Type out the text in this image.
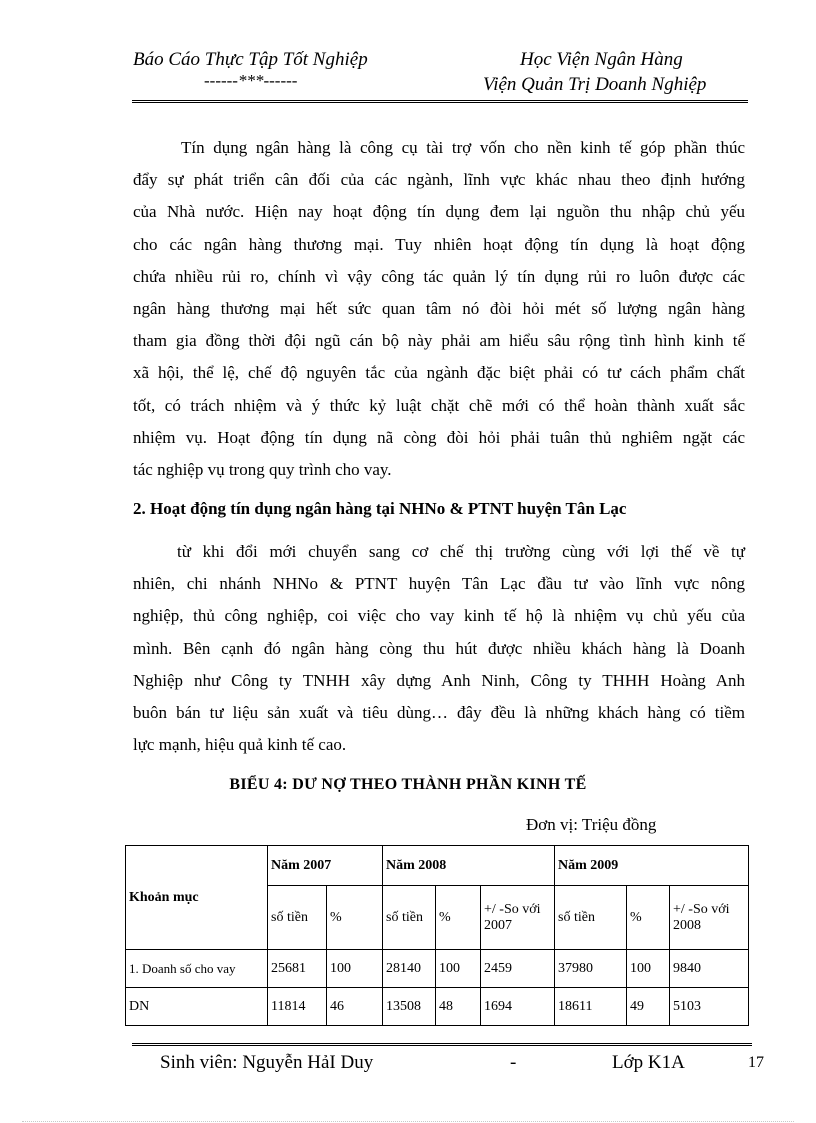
Báo Cáo Thực Tập Tốt Nghiệp
------***------
Học Viện Ngân Hàng
Viện Quản Trị Doanh Nghiệp
Tín dụng ngân hàng là công cụ tài trợ vốn cho nền kinh tế góp phần thúc
đẩy sự phát triển cân đối của các ngành, lĩnh vực khác nhau theo định hướng
của Nhà nước. Hiện nay hoạt động tín dụng đem lại nguồn thu nhập chủ yếu
cho các ngân hàng thương mại. Tuy nhiên hoạt động tín dụng là hoạt động
chứa nhiều rủi ro, chính vì vậy công tác quản lý tín dụng rủi ro luôn được các
ngân hàng thương mại hết sức quan tâm nó đòi hỏi mét số lượng ngân hàng
tham gia đồng thời đội ngũ cán bộ này phải am hiểu sâu rộng tình hình kinh tế
xã hội, thể lệ, chế độ nguyên tắc của ngành đặc biệt phải có tư cách phẩm chất
tốt, có trách nhiệm và ý thức kỷ luật chặt chẽ mới có thể hoàn thành xuất sắc
nhiệm vụ. Hoạt động tín dụng nã còng đòi hỏi phải tuân thủ nghiêm ngặt các
tác nghiệp vụ trong quy trình cho vay.
2. Hoạt động tín dụng ngân hàng tại NHNo & PTNT huyện Tân Lạc
từ khi đổi mới chuyển sang cơ chế thị trường cùng với lợi thế về tự
nhiên, chi nhánh NHNo & PTNT huyện Tân Lạc đầu tư vào lĩnh vực nông
nghiệp, thủ công nghiệp, coi việc cho vay kinh tế hộ là nhiệm vụ chủ yếu của
mình. Bên cạnh đó ngân hàng còng thu hút được nhiều khách hàng là Doanh
Nghiệp như Công ty TNHH xây dựng Anh Ninh, Công ty THHH Hoàng Anh
buôn bán tư liệu sản xuất và tiêu dùng… đây đều là những khách hàng có tiềm
lực mạnh, hiệu quả kinh tế cao.
BIỂU 4: DƯ NỢ THEO THÀNH PHẦN KINH TẾ
Đơn vị: Triệu đồng
Khoản mục	Năm 2007		Năm 2008			Năm 2009		
	số tiền	%	số tiền	%	+/ -So với 2007	số tiền	%	+/ -So với 2008
1. Doanh số cho vay	25681	100	28140	100	2459	37980	100	9840
DN	11814	46	13508	48	1694	18611	49	5103
Sinh viên: Nguyễn HảI Duy	-	Lớp K1A	17
